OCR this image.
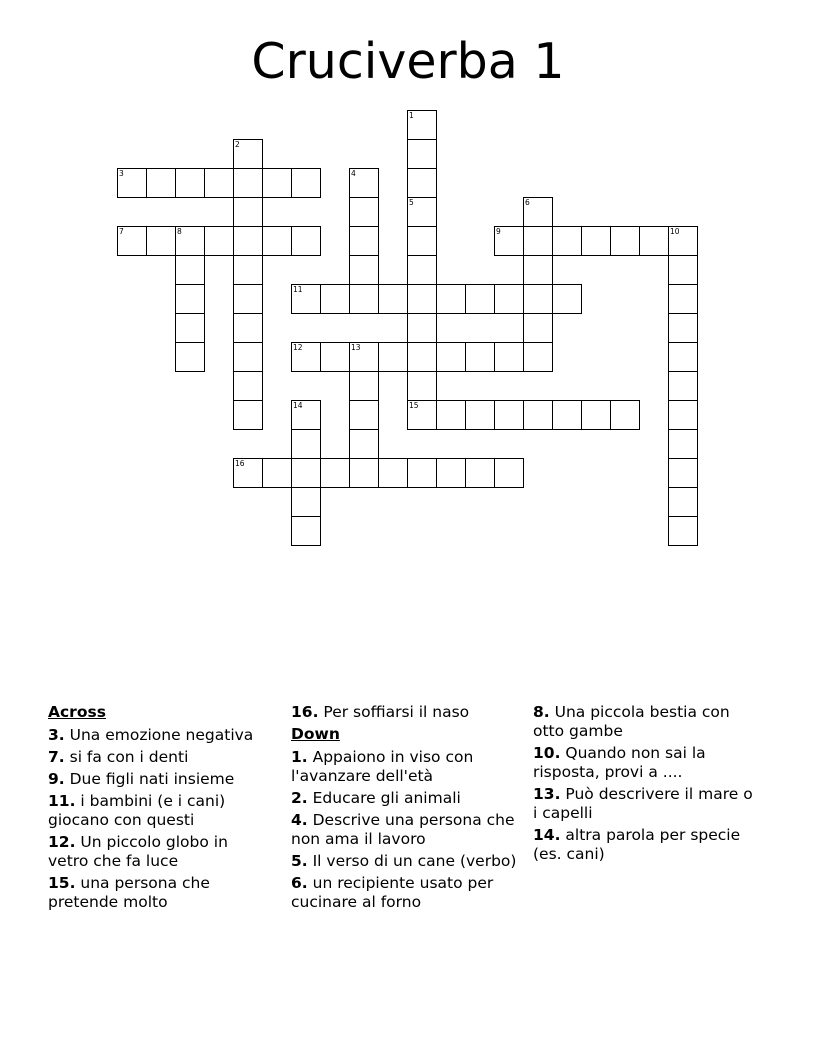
Cruciverba 1
1
5
2
3	4
6
7	8	9	10
11
12	13
14	15
16
Across
3. Una emozione negativa
7. si fa con i denti
9. Due figli nati insieme
11. i bambini (e i cani) giocano con questi
12. Un piccolo globo in vetro che fa luce
15. una persona che pretende molto
16. Per soffiarsi il naso
Down
1. Appaiono in viso con l'avanzare dell'età
2. Educare gli animali
4. Descrive una persona che non ama il lavoro
5. Il verso di un cane (verbo)
6. un recipiente usato per cucinare al forno
8. Una piccola bestia con otto gambe
10. Quando non sai la risposta, provi a ....
13. Può descrivere il mare o i capelli
14. altra parola per specie (es. cani)
